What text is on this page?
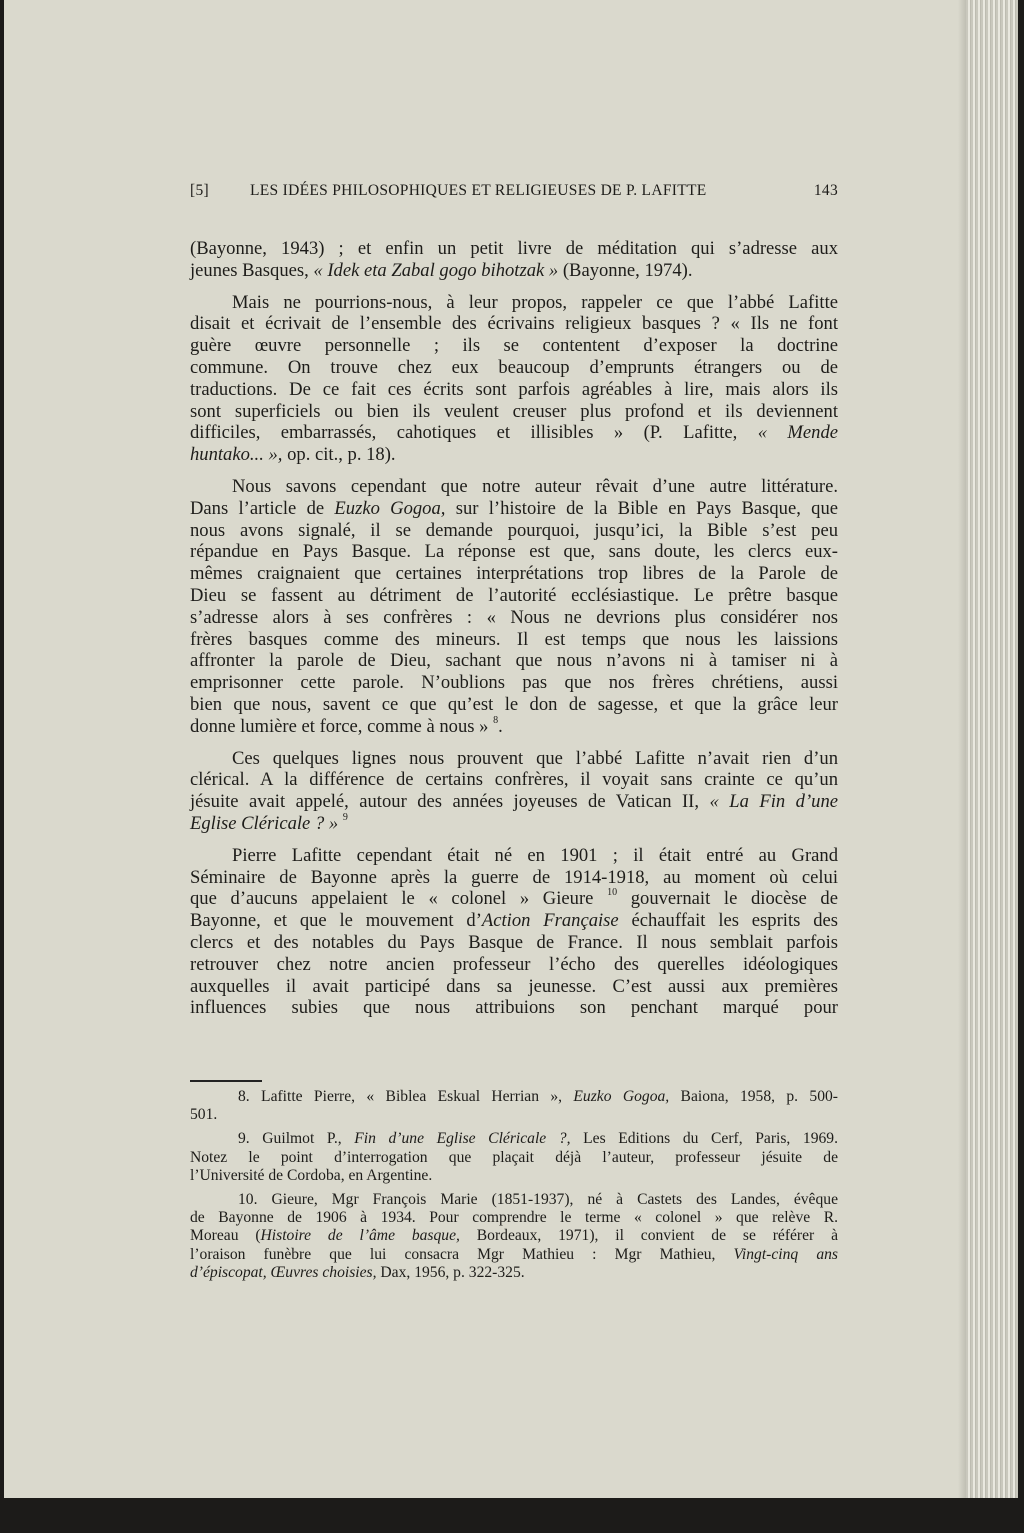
[5]	LES IDÉES PHILOSOPHIQUES ET RELIGIEUSES DE P. LAFITTE	143
(Bayonne, 1943) ; et enfin un petit livre de méditation qui s’adresse aux
jeunes Basques, « Idek eta Zabal gogo bihotzak » (Bayonne, 1974).
Mais ne pourrions-nous, à leur propos, rappeler ce que l’abbé Lafitte
disait et écrivait de l’ensemble des écrivains religieux basques ? « Ils ne font
guère œuvre personnelle ; ils se contentent d’exposer la doctrine
commune. On trouve chez eux beaucoup d’emprunts étrangers ou de
traductions. De ce fait ces écrits sont parfois agréables à lire, mais alors ils
sont superficiels ou bien ils veulent creuser plus profond et ils deviennent
difficiles, embarrassés, cahotiques et illisibles » (P. Lafitte, « Mende
huntako... », op. cit., p. 18).
Nous savons cependant que notre auteur rêvait d’une autre littérature.
Dans l’article de Euzko Gogoa, sur l’histoire de la Bible en Pays Basque, que
nous avons signalé, il se demande pourquoi, jusqu’ici, la Bible s’est peu
répandue en Pays Basque. La réponse est que, sans doute, les clercs eux-
mêmes craignaient que certaines interprétations trop libres de la Parole de
Dieu se fassent au détriment de l’autorité ecclésiastique. Le prêtre basque
s’adresse alors à ses confrères : « Nous ne devrions plus considérer nos
frères basques comme des mineurs. Il est temps que nous les laissions
affronter la parole de Dieu, sachant que nous n’avons ni à tamiser ni à
emprisonner cette parole. N’oublions pas que nos frères chrétiens, aussi
bien que nous, savent ce que qu’est le don de sagesse, et que la grâce leur
donne lumière et force, comme à nous » $^8$.
Ces quelques lignes nous prouvent que l’abbé Lafitte n’avait rien d’un
clérical. A la différence de certains confrères, il voyait sans crainte ce qu’un
jésuite avait appelé, autour des années joyeuses de Vatican II, « La Fin d’une
Eglise Cléricale ? » $^9$
Pierre Lafitte cependant était né en 1901 ; il était entré au Grand
Séminaire de Bayonne après la guerre de 1914-1918, au moment où celui
que d’aucuns appelaient le « colonel » Gieure $^{10}$ gouvernait le diocèse de
Bayonne, et que le mouvement d’Action Française échauffait les esprits des
clercs et des notables du Pays Basque de France. Il nous semblait parfois
retrouver chez notre ancien professeur l’écho des querelles idéologiques
auxquelles il avait participé dans sa jeunesse. C’est aussi aux premières
influences subies que nous attribuions son penchant marqué pour
8. Lafitte Pierre, « Biblea Eskual Herrian », Euzko Gogoa, Baiona, 1958, p. 500-
501.
9. Guilmot P., Fin d’une Eglise Cléricale ?, Les Editions du Cerf, Paris, 1969.
Notez le point d’interrogation que plaçait déjà l’auteur, professeur jésuite de
l’Université de Cordoba, en Argentine.
10. Gieure, Mgr François Marie (1851-1937), né à Castets des Landes, évêque
de Bayonne de 1906 à 1934. Pour comprendre le terme « colonel » que relève R.
Moreau (Histoire de l’âme basque, Bordeaux, 1971), il convient de se référer à
l’oraison funèbre que lui consacra Mgr Mathieu : Mgr Mathieu, Vingt-cinq ans
d’épiscopat, Œuvres choisies, Dax, 1956, p. 322-325.
